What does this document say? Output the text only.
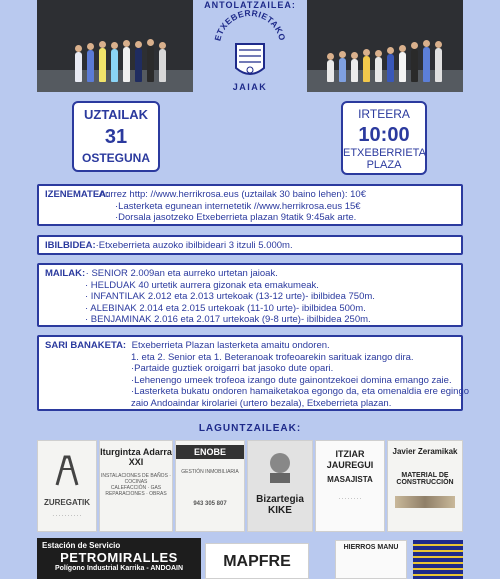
ANTOLATZAILEA:
ETXEBERRIETAKO
JAIAK
UZTAILAK
31
OSTEGUNA
IRTEERA
10:00
ETXEBERRIETA
PLAZA
IZENEMATEA: ·Aurrez http: //www.herrikrosa.eus (uztailak 30 baino lehen): 10€
·Lasterketa egunean internetetik //www.herrikrosa.eus 15€
·Dorsala jasotzeko Etxeberrieta plazan 9tatik 9:45ak arte.
IBILBIDEA: ·Etxeberrieta auzoko ibilbideari 3 itzuli 5.000m.
MAILAK: · SENIOR 2.009an eta aurreko urtetan jaioak.
· HELDUAK 40 urtetik aurrera gizonak eta emakumeak.
· INFANTILAK 2.012 eta 2.013 urtekoak (13-12 urte)- ibilbidea 750m.
· ALEBINAK 2.014 eta 2.015 urtekoak (11-10 urte)- ibilbidea 500m.
· BENJAMINAK 2.016 eta 2.017 urtekoak (9-8 urte)- ibilbidea 250m.
SARI BANAKETA: Etxeberrieta Plazan lasterketa amaitu ondoren.
1. eta 2. Senior eta 1. Beteranoak trofeoarekin sarituak izango dira.
·Partaide guztiek oroigarri bat jasoko dute opari.
·Lehenengo umeek trofeoa izango dute gainontzekoei domina emango zaie.
·Lasterketa bukatu ondoren hamaiketakoa egongo da, eta omenaldia ere egingo
zaio Andoaindar kirolariei (urtero bezala), Etxeberrieta plazan.
LAGUNTZAILEAK:
ZUREGATIK
· · · · · · · · · ·
Iturgintza Adarra XXI
INSTALACIONES DE BAÑOS · COCINAS
CALEFACCIÓN · GAS
REPARACIONES · OBRAS
ENOBE
GESTIÓN INMOBILIARIA
943 305 807	Bizartegia KIKE
ITZIAR JAUREGUI
MASAJISTA
· · · · · · · ·
Javier Zeramikak
MATERIAL DE CONSTRUCCIÓN
Estación de Servicio
PETROMIRALLES
Polígono Industrial Karrika - ANDOAIN	MAPFRE
HIERROS MANU
